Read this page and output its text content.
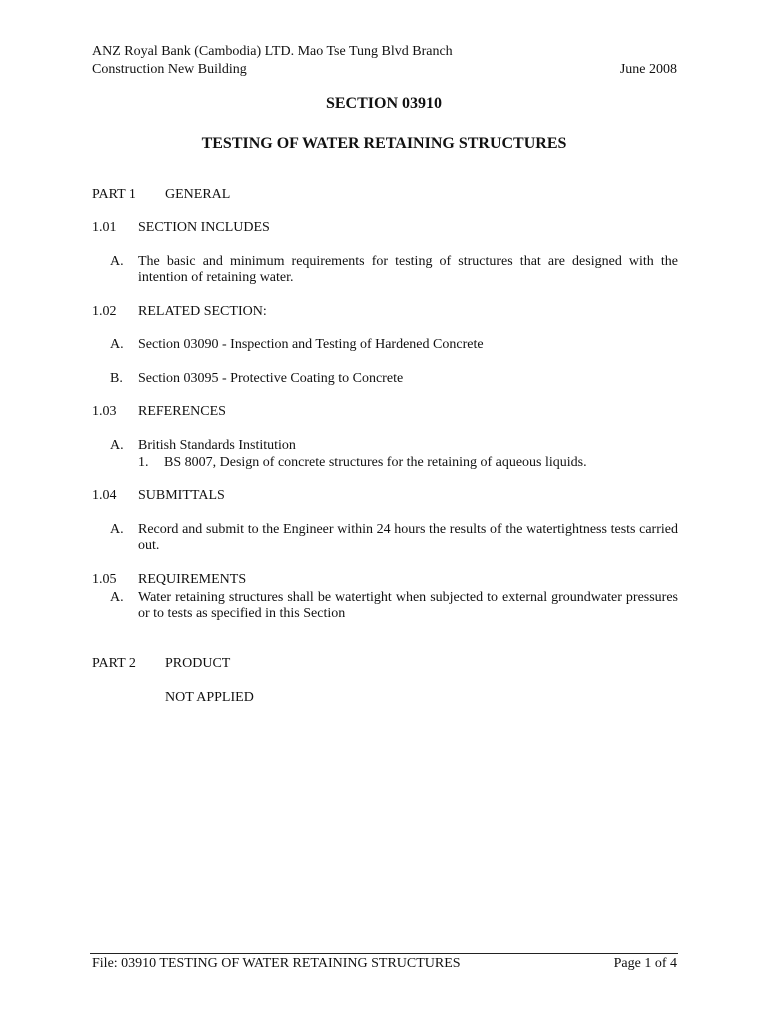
ANZ Royal Bank (Cambodia) LTD. Mao Tse Tung Blvd Branch
Construction New Building	June 2008
SECTION 03910
TESTING OF WATER RETAINING STRUCTURES
PART 1 GENERAL
1.01 SECTION INCLUDES
A. The basic and minimum requirements for testing of structures that are designed with the intention of retaining water.
1.02 RELATED SECTION:
A. Section 03090 - Inspection and Testing of Hardened Concrete
B. Section 03095 - Protective Coating to Concrete
1.03 REFERENCES
A. British Standards Institution
1. BS 8007, Design of concrete structures for the retaining of aqueous liquids.
1.04 SUBMITTALS
A. Record and submit to the Engineer within 24 hours the results of the watertightness tests carried out.
1.05 REQUIREMENTS
A. Water retaining structures shall be watertight when subjected to external groundwater pressures or to tests as specified in this Section
PART 2 PRODUCT
NOT APPLIED
File: 03910 TESTING OF WATER RETAINING STRUCTURES	Page 1 of 4
